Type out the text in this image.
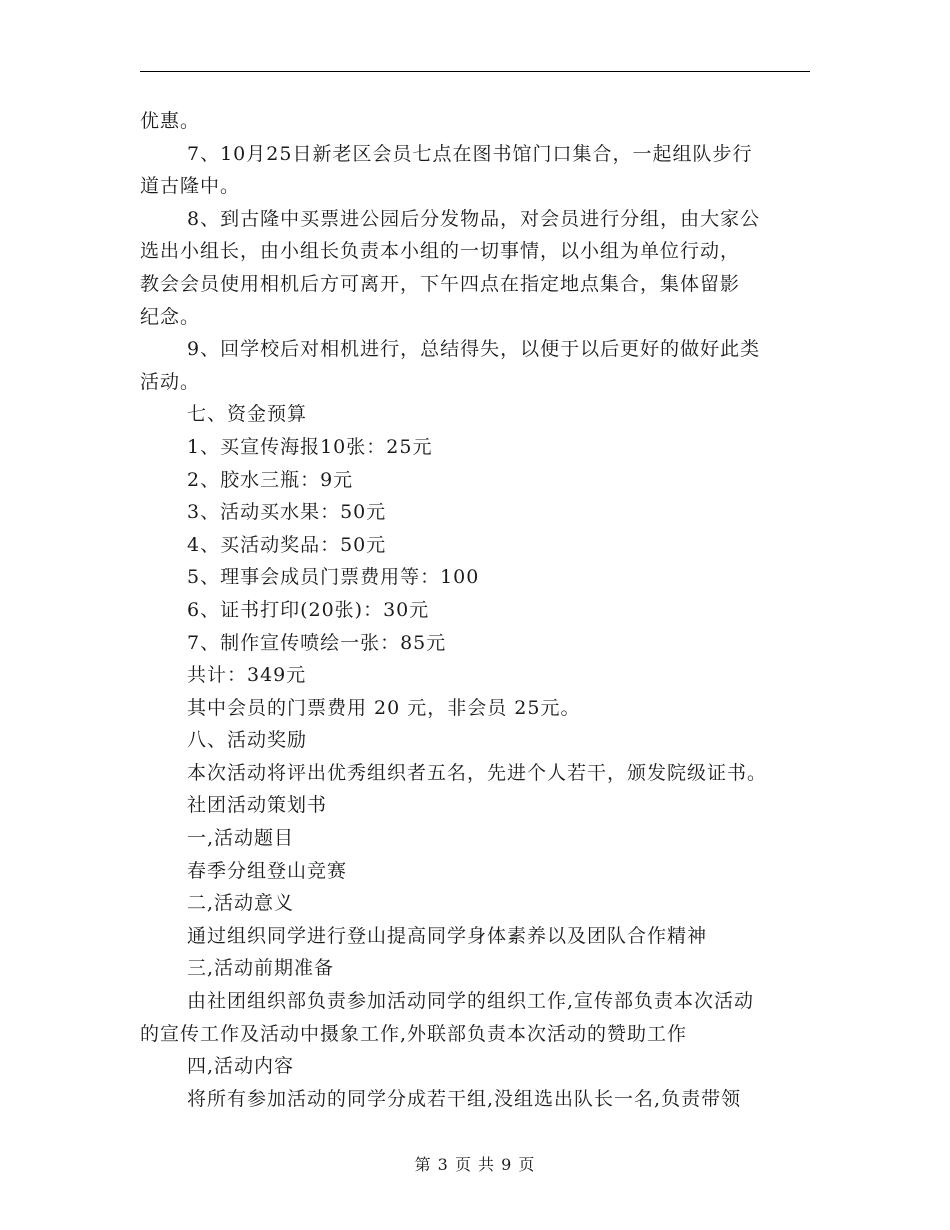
优惠。
7、10月25日新老区会员七点在图书馆门口集合，一起组队步行
道古隆中。
8、到古隆中买票进公园后分发物品，对会员进行分组，由大家公
选出小组长，由小组长负责本小组的一切事情，以小组为单位行动，
教会会员使用相机后方可离开，下午四点在指定地点集合，集体留影
纪念。
9、回学校后对相机进行，总结得失，以便于以后更好的做好此类
活动。
七、资金预算
1、买宣传海报10张：25元
2、胶水三瓶：9元
3、活动买水果：50元
4、买活动奖品：50元
5、理事会成员门票费用等：100
6、证书打印(20张)：30元
7、制作宣传喷绘一张：85元
共计：349元
其中会员的门票费用 20 元，非会员 25元。
八、活动奖励
本次活动将评出优秀组织者五名，先进个人若干，颁发院级证书。
社团活动策划书
一,活动题目
春季分组登山竞赛
二,活动意义
通过组织同学进行登山提高同学身体素养以及团队合作精神
三,活动前期准备
由社团组织部负责参加活动同学的组织工作,宣传部负责本次活动
的宣传工作及活动中摄象工作,外联部负责本次活动的赞助工作
四,活动内容
将所有参加活动的同学分成若干组,没组选出队长一名,负责带领
第 3 页 共 9 页
